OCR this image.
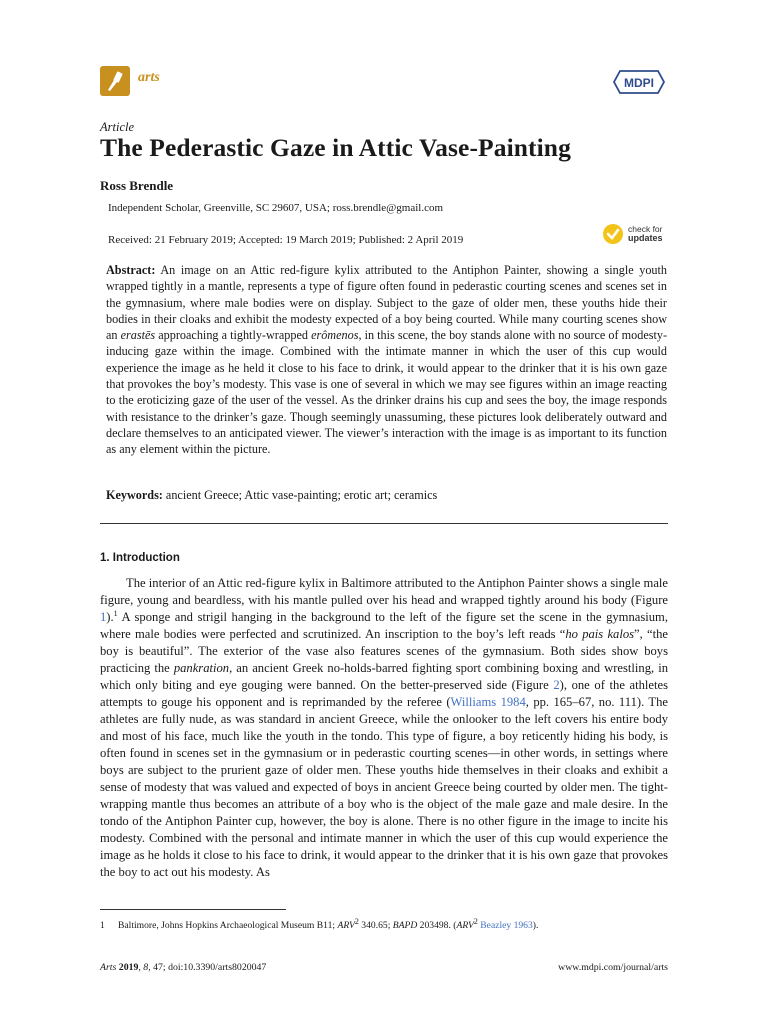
arts	MDPI
Article
The Pederastic Gaze in Attic Vase-Painting
Ross Brendle
Independent Scholar, Greenville, SC 29607, USA; ross.brendle@gmail.com
Received: 21 February 2019; Accepted: 19 March 2019; Published: 2 April 2019
check for
updates
Abstract: An image on an Attic red-figure kylix attributed to the Antiphon Painter, showing a single youth wrapped tightly in a mantle, represents a type of figure often found in pederastic courting scenes and scenes set in the gymnasium, where male bodies were on display. Subject to the gaze of older men, these youths hide their bodies in their cloaks and exhibit the modesty expected of a boy being courted. While many courting scenes show an erastēs approaching a tightly-wrapped erômenos, in this scene, the boy stands alone with no source of modesty-inducing gaze within the image. Combined with the intimate manner in which the user of this cup would experience the image as he held it close to his face to drink, it would appear to the drinker that it is his own gaze that provokes the boy’s modesty. This vase is one of several in which we may see figures within an image reacting to the eroticizing gaze of the user of the vessel. As the drinker drains his cup and sees the boy, the image responds with resistance to the drinker’s gaze. Though seemingly unassuming, these pictures look deliberately outward and declare themselves to an anticipated viewer. The viewer’s interaction with the image is as important to its function as any element within the picture.
Keywords: ancient Greece; Attic vase-painting; erotic art; ceramics
1. Introduction
The interior of an Attic red-figure kylix in Baltimore attributed to the Antiphon Painter shows a single male figure, young and beardless, with his mantle pulled over his head and wrapped tightly around his body (Figure 1).$^1$ A sponge and strigil hanging in the background to the left of the figure set the scene in the gymnasium, where male bodies were perfected and scrutinized. An inscription to the boy’s left reads “ho pais kalos”, “the boy is beautiful”. The exterior of the vase also features scenes of the gymnasium. Both sides show boys practicing the pankration, an ancient Greek no-holds-barred fighting sport combining boxing and wrestling, in which only biting and eye gouging were banned. On the better-preserved side (Figure 2), one of the athletes attempts to gouge his opponent and is reprimanded by the referee (Williams 1984, pp. 165–67, no. 111). The athletes are fully nude, as was standard in ancient Greece, while the onlooker to the left covers his entire body and most of his face, much like the youth in the tondo. This type of figure, a boy reticently hiding his body, is often found in scenes set in the gymnasium or in pederastic courting scenes—in other words, in settings where boys are subject to the prurient gaze of older men. These youths hide themselves in their cloaks and exhibit a sense of modesty that was valued and expected of boys in ancient Greece being courted by older men. The tight-wrapping mantle thus becomes an attribute of a boy who is the object of the male gaze and male desire. In the tondo of the Antiphon Painter cup, however, the boy is alone. There is no other figure in the image to incite his modesty. Combined with the personal and intimate manner in which the user of this cup would experience the image as he holds it close to his face to drink, it would appear to the drinker that it is his own gaze that provokes the boy to act out his modesty. As
1 Baltimore, Johns Hopkins Archaeological Museum B11; ARV$^2$ 340.65; BAPD 203498. (ARV$^2$ Beazley 1963).
Arts 2019, 8, 47; doi:10.3390/arts8020047	www.mdpi.com/journal/arts
